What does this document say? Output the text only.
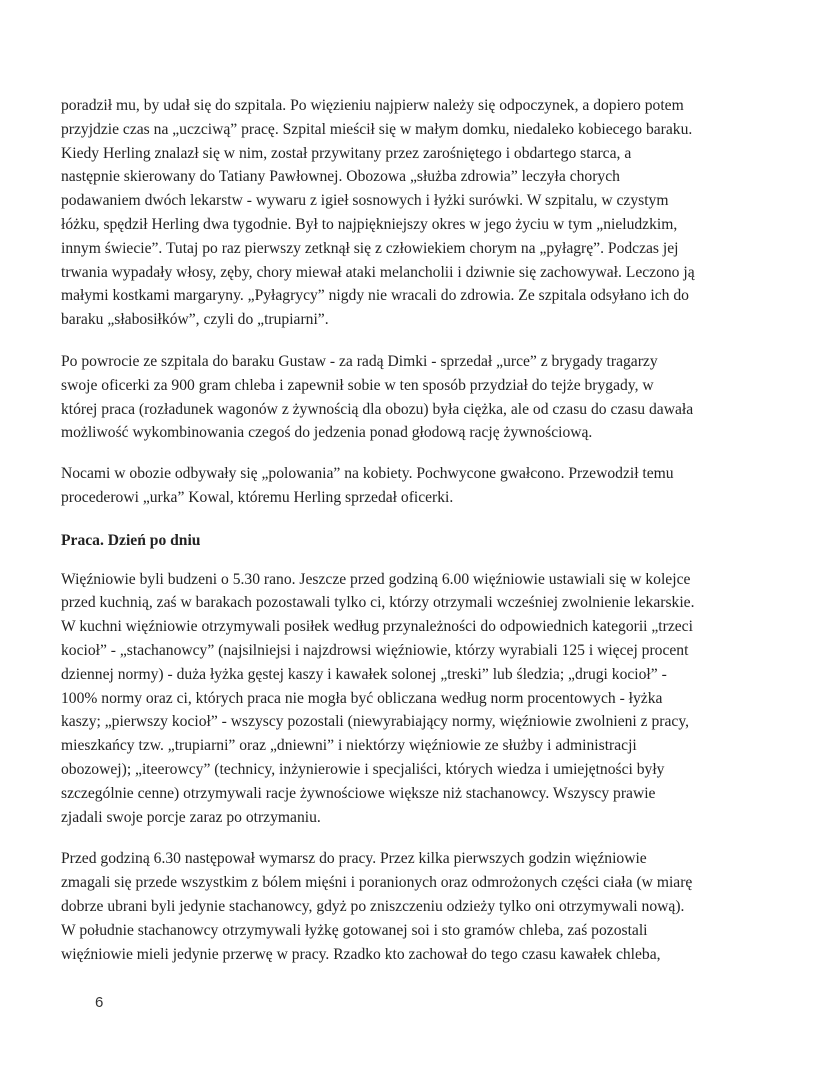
poradził mu, by udał się do szpitala. Po więzieniu najpierw należy się odpoczynek, a dopiero potem
przyjdzie czas na „uczciwą” pracę. Szpital mieścił się w małym domku, niedaleko kobiecego baraku.
Kiedy Herling znalazł się w nim, został przywitany przez zarośniętego i obdartego starca, a
następnie skierowany do Tatiany Pawłownej. Obozowa „służba zdrowia” leczyła chorych
podawaniem dwóch lekarstw - wywaru z igieł sosnowych i łyżki surówki. W szpitalu, w czystym
łóżku, spędził Herling dwa tygodnie. Był to najpiękniejszy okres w jego życiu w tym „nieludzkim,
innym świecie”. Tutaj po raz pierwszy zetknął się z człowiekiem chorym na „pyłagrę”. Podczas jej
trwania wypadały włosy, zęby, chory miewał ataki melancholii i dziwnie się zachowywał. Leczono ją
małymi kostkami margaryny. „Pyłagrycy” nigdy nie wracali do zdrowia. Ze szpitala odsyłano ich do
baraku „słabosiłków”, czyli do „trupiarni”.

Po powrocie ze szpitala do baraku Gustaw - za radą Dimki - sprzedał „urce” z brygady tragarzy
swoje oficerki za 900 gram chleba i zapewnił sobie w ten sposób przydział do tejże brygady, w
której praca (rozładunek wagonów z żywnością dla obozu) była ciężka, ale od czasu do czasu dawała
możliwość wykombinowania czegoś do jedzenia ponad głodową rację żywnościową.

Nocami w obozie odbywały się „polowania” na kobiety. Pochwycone gwałcono. Przewodził temu
procederowi „urka” Kowal, któremu Herling sprzedał oficerki.

Praca. Dzień po dniu

Więźniowie byli budzeni o 5.30 rano. Jeszcze przed godziną 6.00 więźniowie ustawiali się w kolejce
przed kuchnią, zaś w barakach pozostawali tylko ci, którzy otrzymali wcześniej zwolnienie lekarskie.
W kuchni więźniowie otrzymywali posiłek według przynależności do odpowiednich kategorii „trzeci
kocioł” - „stachanowcy” (najsilniejsi i najzdrowsi więźniowie, którzy wyrabiali 125 i więcej procent
dziennej normy) - duża łyżka gęstej kaszy i kawałek solonej „treski” lub śledzia; „drugi kocioł” -
100% normy oraz ci, których praca nie mogła być obliczana według norm procentowych - łyżka
kaszy; „pierwszy kocioł” - wszyscy pozostali (niewyrabiający normy, więźniowie zwolnieni z pracy,
mieszkańcy tzw. „trupiarni” oraz „dniewni” i niektórzy więźniowie ze służby i administracji
obozowej); „iteerowcy” (technicy, inżynierowie i specjaliści, których wiedza i umiejętności były
szczególnie cenne) otrzymywali racje żywnościowe większe niż stachanowcy. Wszyscy prawie
zjadali swoje porcje zaraz po otrzymaniu.

Przed godziną 6.30 następował wymarsz do pracy. Przez kilka pierwszych godzin więźniowie
zmagali się przede wszystkim z bólem mięśni i poranionych oraz odmrożonych części ciała (w miarę
dobrze ubrani byli jedynie stachanowcy, gdyż po zniszczeniu odzieży tylko oni otrzymywali nową).
W południe stachanowcy otrzymywali łyżkę gotowanej soi i sto gramów chleba, zaś pozostali
więźniowie mieli jedynie przerwę w pracy. Rzadko kto zachował do tego czasu kawałek chleba,

6
